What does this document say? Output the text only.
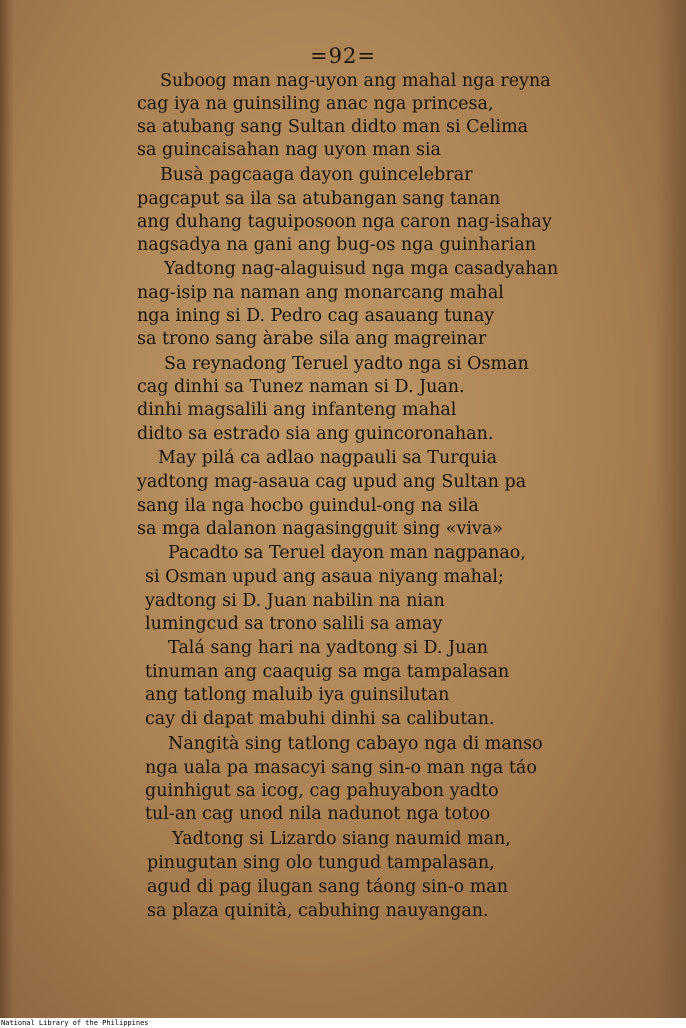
=92=
Suboog man nag-uyon ang mahal nga reyna
cag iya na guinsiling anac nga princesa,
sa atubang sang Sultan didto man si Celima
sa guincaisahan nag uyon man sia
Busà pagcaaga dayon guincelebrar
pagcaput sa ila sa atubangan sang tanan
ang duhang taguiposoon nga caron nag-isahay
nagsadya na gani ang bug-os nga guinharian
Yadtong nag-alaguisud nga mga casadyahan
nag-isip na naman ang monarcang mahal
nga ining si D. Pedro cag asauang tunay
sa trono sang àrabe sila ang magreinar
Sa reynadong Teruel yadto nga si Osman
cag dinhi sa Tunez naman si D. Juan.
dinhi magsalili ang infanteng mahal
didto sa estrado sia ang guincoronahan.
May pilá ca adlao nagpauli sa Turquia
yadtong mag-asaua cag upud ang Sultan pa
sang ila nga hocbo guindul-ong na sila
sa mga dalanon nagasingguit sing «viva»
Pacadto sa Teruel dayon man nagpanao,
si Osman upud ang asaua niyang mahal;
yadtong si D. Juan nabilin na nian
lumingcud sa trono salili sa amay
Talá sang hari na yadtong si D. Juan
tinuman ang caaquig sa mga tampalasan
ang tatlong maluib iya guinsilutan
cay di dapat mabuhi dinhi sa calibutan.
Nangità sing tatlong cabayo nga di manso
nga uala pa masacyi sang sin-o man nga táo
guinhigut sa icog, cag pahuyabon yadto
tul-an cag unod nila nadunot nga totoo
Yadtong si Lizardo siang naumid man,
pinugutan sing olo tungud tampalasan,
agud di pag ilugan sang táong sin-o man
sa plaza quinità, cabuhing nauyangan.
National Library of the Philippines
